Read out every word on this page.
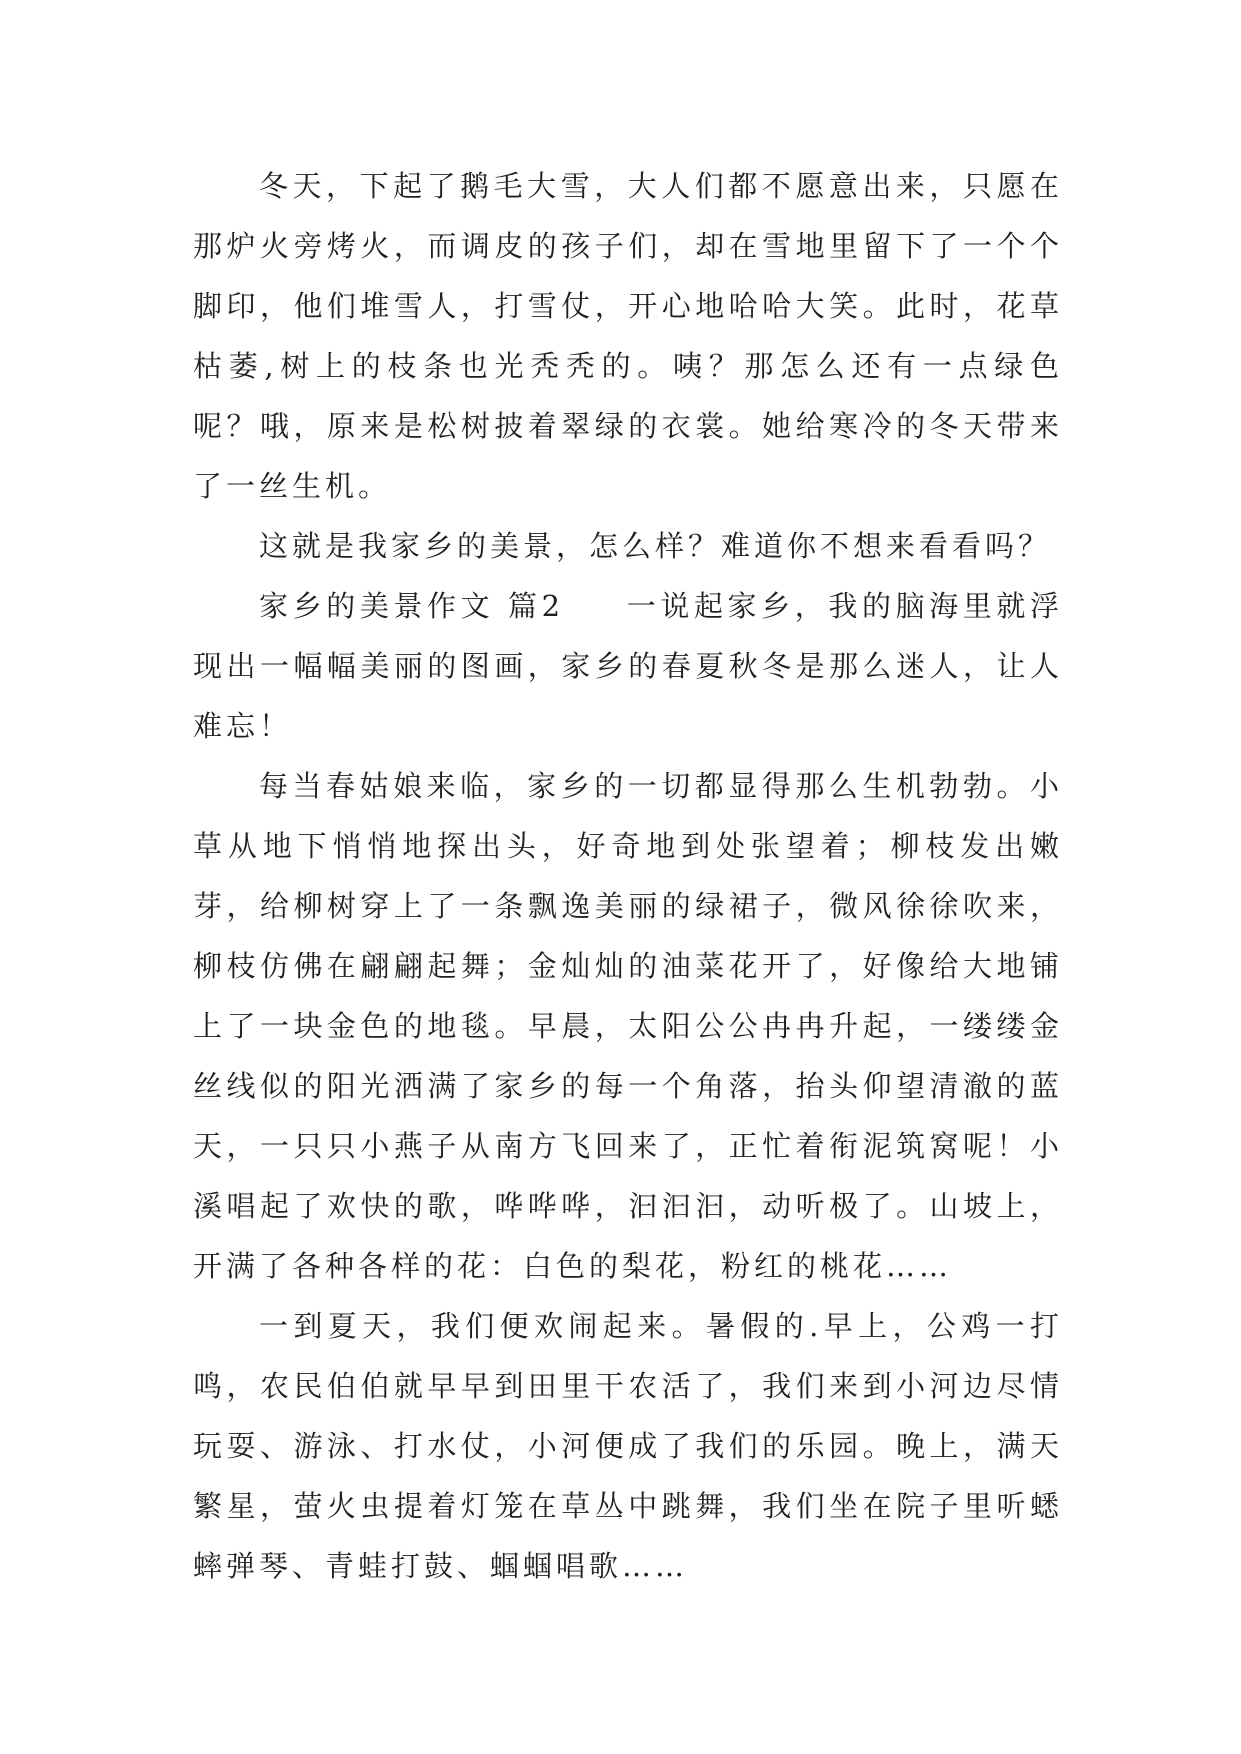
冬天，下起了鹅毛大雪，大人们都不愿意出来，只愿在那炉火旁烤火，而调皮的孩子们，却在雪地里留下了一个个脚印，他们堆雪人，打雪仗，开心地哈哈大笑。此时，花草枯萎,树上的枝条也光秃秃的。咦？那怎么还有一点绿色呢？哦，原来是松树披着翠绿的衣裳。她给寒冷的冬天带来了一丝生机。

这就是我家乡的美景，怎么样？难道你不想来看看吗？

家乡的美景作文 篇2 一说起家乡，我的脑海里就浮现出一幅幅美丽的图画，家乡的春夏秋冬是那么迷人，让人难忘！

每当春姑娘来临，家乡的一切都显得那么生机勃勃。小草从地下悄悄地探出头，好奇地到处张望着；柳枝发出嫩芽，给柳树穿上了一条飘逸美丽的绿裙子，微风徐徐吹来，柳枝仿佛在翩翩起舞；金灿灿的油菜花开了，好像给大地铺上了一块金色的地毯。早晨，太阳公公冉冉升起，一缕缕金丝线似的阳光洒满了家乡的每一个角落，抬头仰望清澈的蓝天，一只只小燕子从南方飞回来了，正忙着衔泥筑窝呢！小溪唱起了欢快的歌，哗哗哗，汩汩汩，动听极了。山坡上，开满了各种各样的花：白色的梨花，粉红的桃花……

一到夏天，我们便欢闹起来。暑假的.早上，公鸡一打鸣，农民伯伯就早早到田里干农活了，我们来到小河边尽情玩耍、游泳、打水仗，小河便成了我们的乐园。晚上，满天繁星，萤火虫提着灯笼在草丛中跳舞，我们坐在院子里听蟋蟀弹琴、青蛙打鼓、蝈蝈唱歌……
